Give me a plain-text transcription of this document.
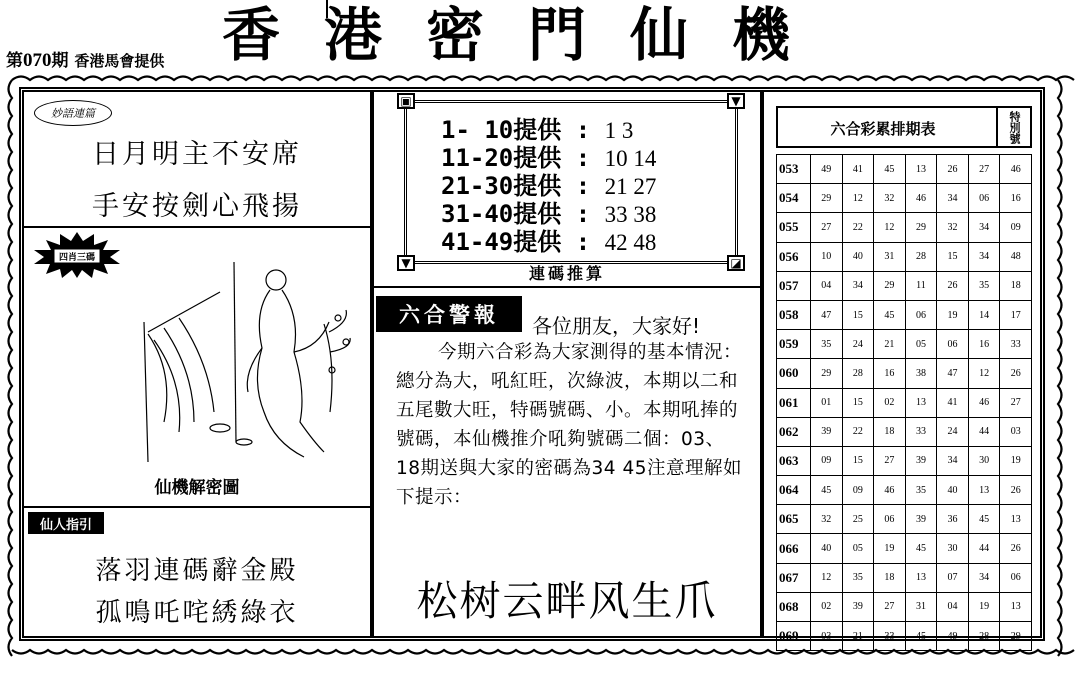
第070期 香港馬會提供 香港密門仙機
妙語連篇
日月明主不安席
手安按劍心飛揚
四肖三碼
仙機解密圖
仙人指引
落羽連碼辭金殿
孤鳴吒咤綉綠衣
▣	▼
▼	◪
1- 10提供 : 1 3
11-20提供 : 10 14
21-30提供 : 21 27
31-40提供 : 33 38
41-49提供 : 42 48
連碼推算
六合警報	各位朋友，大家好!
今期六合彩為大家測得的基本情況：總分為大，吼紅旺，次綠波，本期以二和五尾數大旺，特碼號碼、小。本期吼捧的號碼，本仙機推介吼夠號碼二個：03、18期送與大家的密碼為34 45注意理解如下提示：
松树云畔风生爪
六合彩累排期表	特別號
053	49	41	45	13	26	27	46
054	29	12	32	46	34	06	16
055	27	22	12	29	32	34	09
056	10	40	31	28	15	34	48
057	04	34	29	11	26	35	18
058	47	15	45	06	19	14	17
059	35	24	21	05	06	16	33
060	29	28	16	38	47	12	26
061	01	15	02	13	41	46	27
062	39	22	18	33	24	44	03
063	09	15	27	39	34	30	19
064	45	09	46	35	40	13	26
065	32	25	06	39	36	45	13
066	40	05	19	45	30	44	26
067	12	35	18	13	07	34	06
068	02	39	27	31	04	19	13
069	03	21	33	45	49	28	29
